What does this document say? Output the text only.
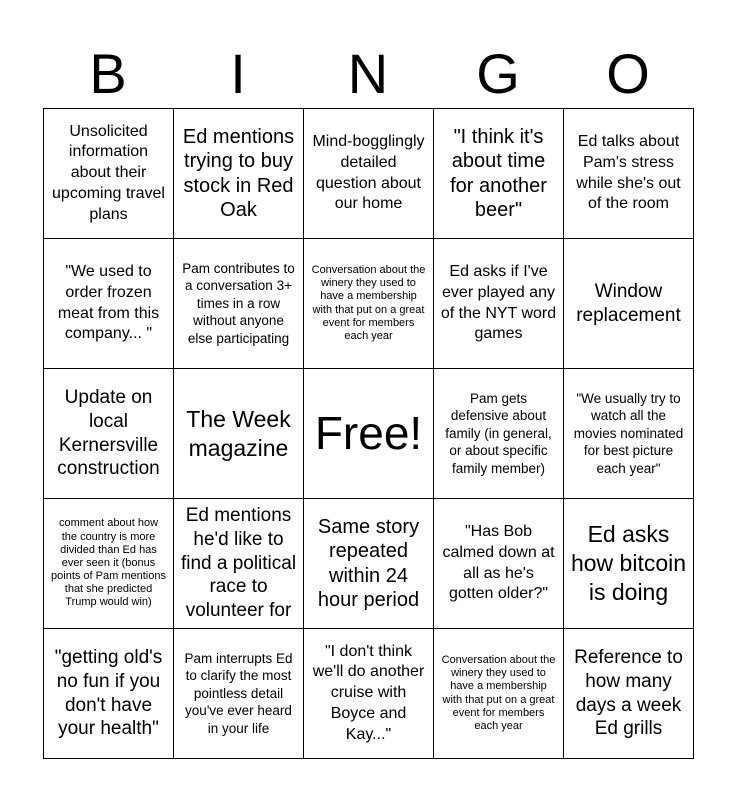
B	I	N	G	O
Unsolicited information about their upcoming travel plans	Ed mentions trying to buy stock in Red Oak	Mind-bogglingly detailed question about our home	"I think it's about time for another beer"	Ed talks about Pam's stress while she's out of the room
"We used to order frozen meat from this company... "	Pam contributes to a conversation 3+ times in a row without anyone else participating	Conversation about the winery they used to have a membership with that put on a great event for members each year	Ed asks if I've ever played any of the NYT word games	Window replacement
Update on local Kernersville construction	The Week magazine	Free!	Pam gets defensive about family (in general, or about specific family member)	"We usually try to watch all the movies nominated for best picture each year"
comment about how the country is more divided than Ed has ever seen it (bonus points of Pam mentions that she predicted Trump would win)	Ed mentions he'd like to find a political race to volunteer for	Same story repeated within 24 hour period	"Has Bob calmed down at all as he's gotten older?"	Ed asks how bitcoin is doing
"getting old's no fun if you don't have your health"	Pam interrupts Ed to clarify the most pointless detail you've ever heard in your life	"I don't think we'll do another cruise with Boyce and Kay..."	Conversation about the winery they used to have a membership with that put on a great event for members each year	Reference to how many days a week Ed grills
